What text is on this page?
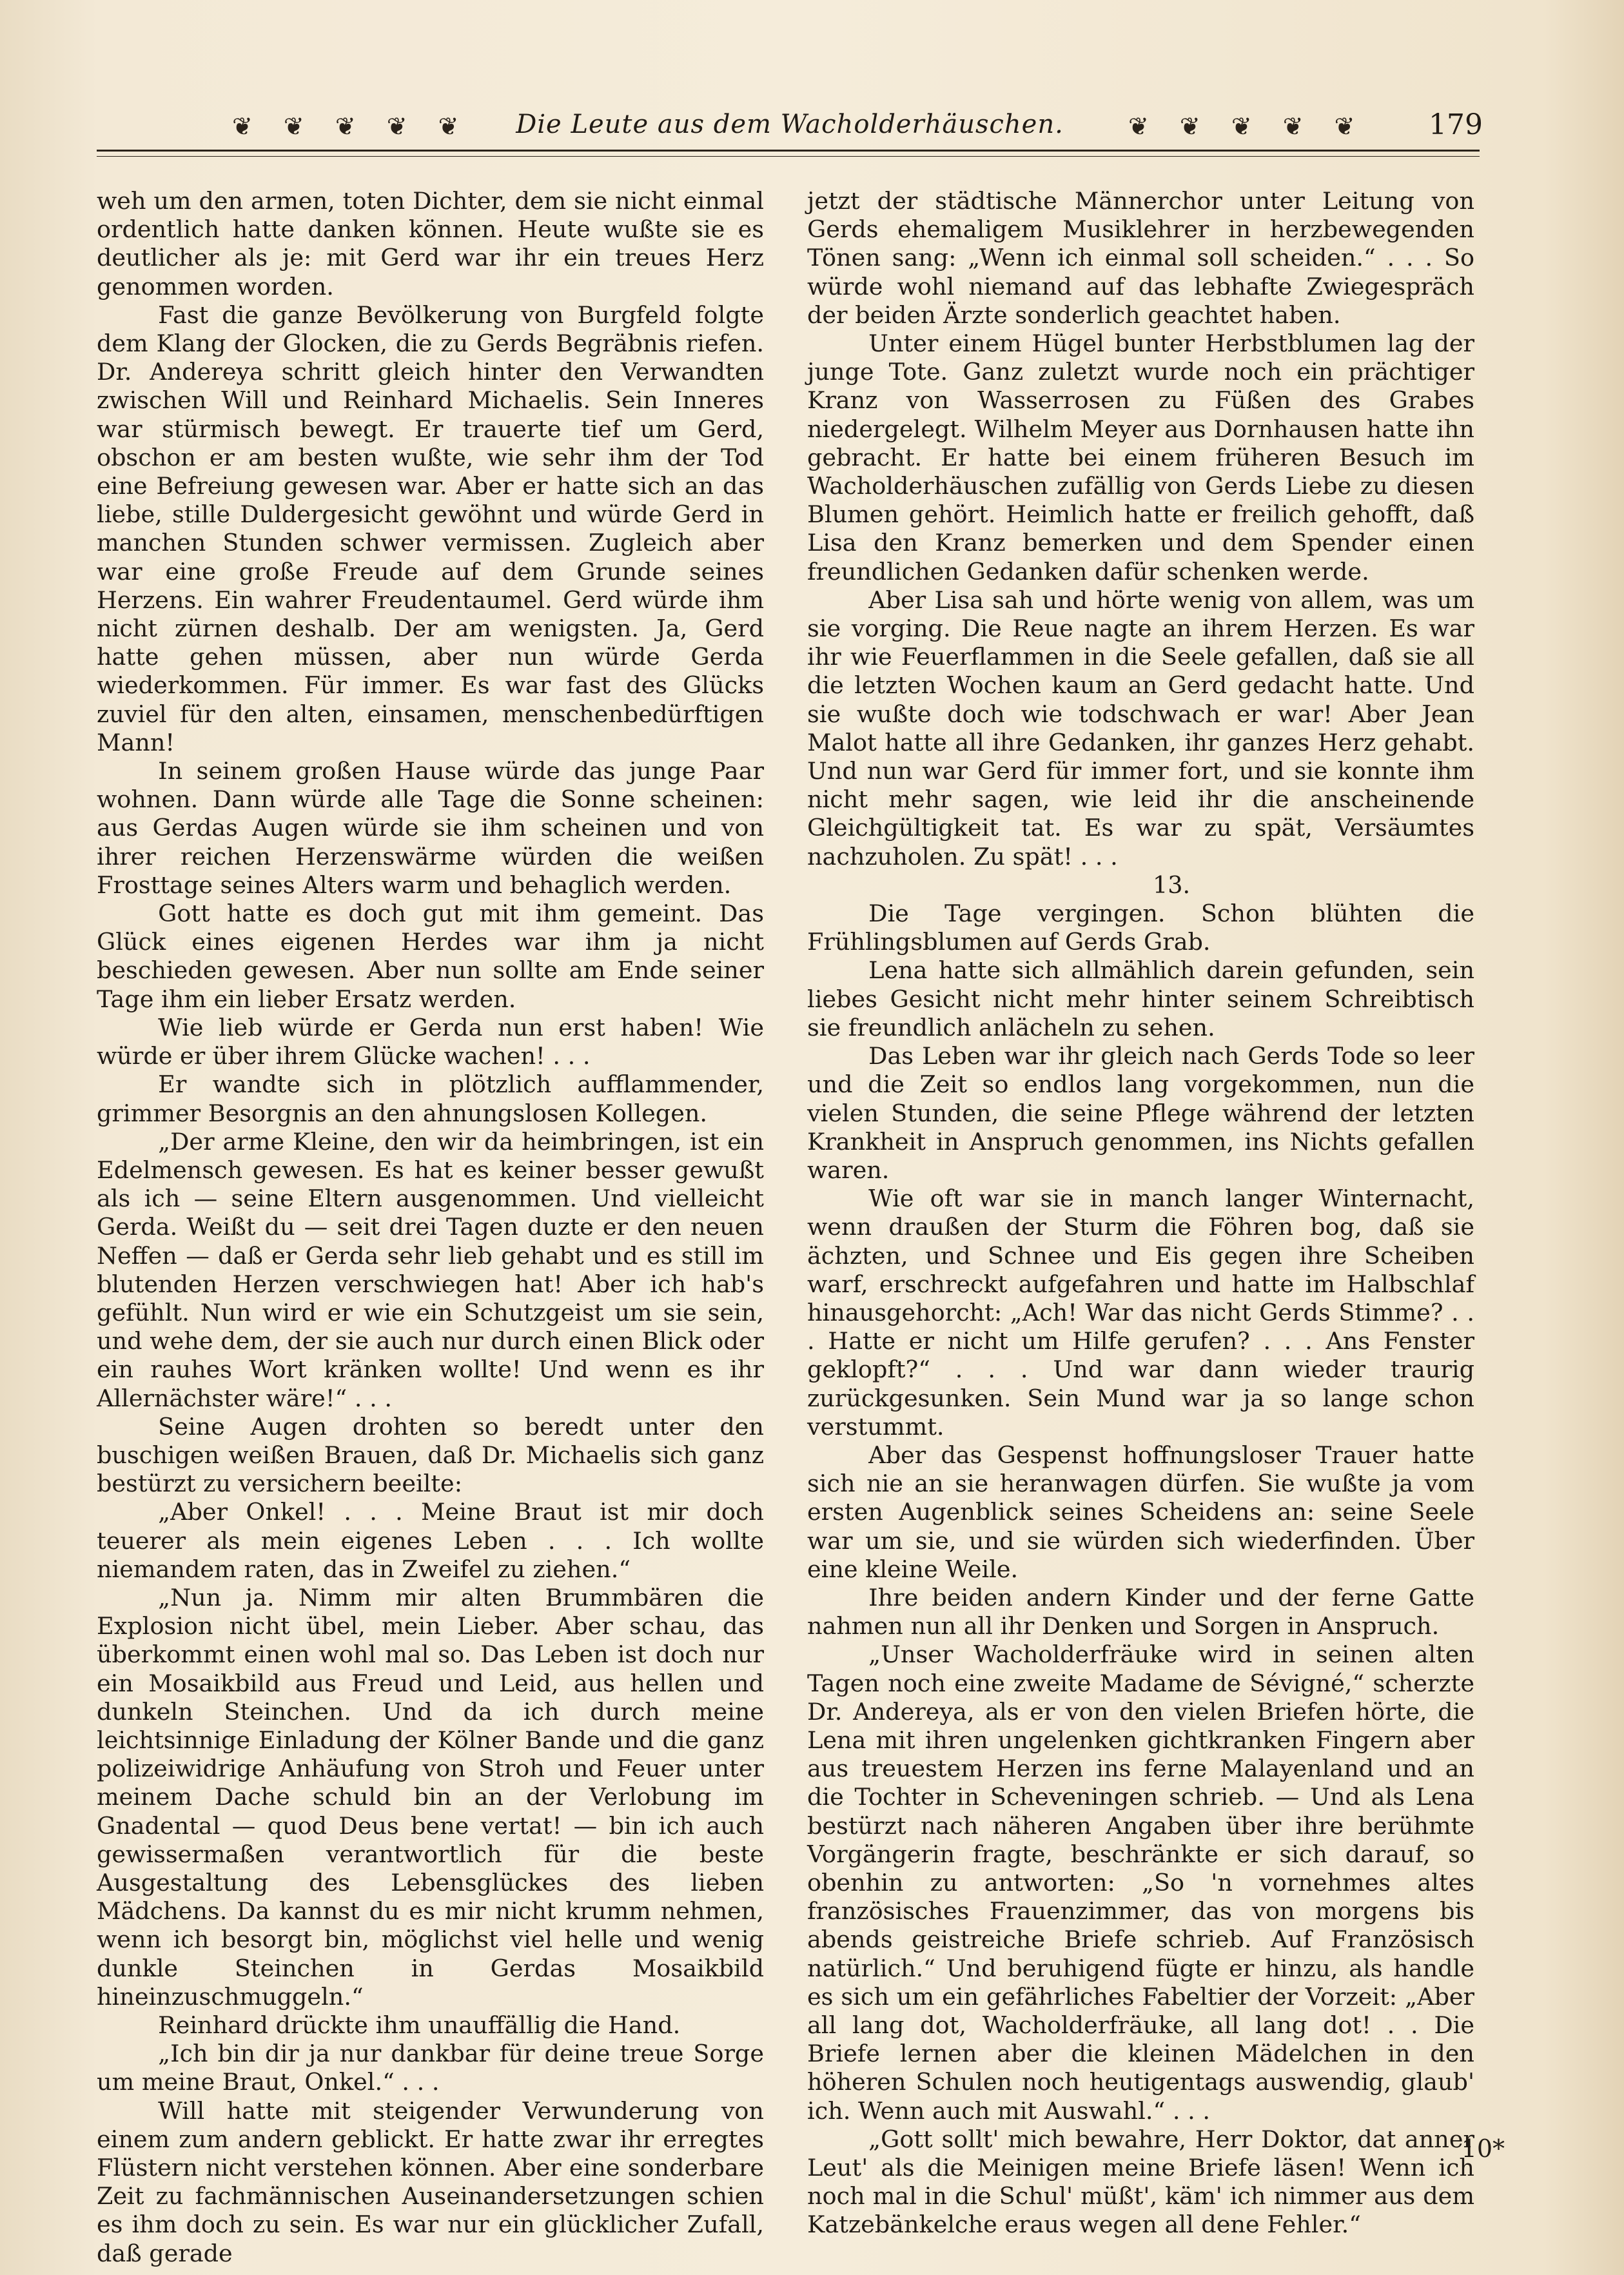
❦ ❦ ❦ ❦ ❦	Die Leute aus dem Wacholderhäuschen.	❦ ❦ ❦ ❦ ❦ 179

weh um den armen, toten Dichter, dem sie nicht einmal ordentlich hatte danken können. Heute wußte sie es deutlicher als je: mit Gerd war ihr ein treues Herz genommen worden.

Fast die ganze Bevölkerung von Burgfeld folgte dem Klang der Glocken, die zu Gerds Begräbnis riefen. Dr. Andereya schritt gleich hinter den Verwandten zwischen Will und Reinhard Michaelis. Sein Inneres war stürmisch bewegt. Er trauerte tief um Gerd, obschon er am besten wußte, wie sehr ihm der Tod eine Befreiung gewesen war. Aber er hatte sich an das liebe, stille Duldergesicht gewöhnt und würde Gerd in manchen Stunden schwer vermissen. Zugleich aber war eine große Freude auf dem Grunde seines Herzens. Ein wahrer Freudentaumel. Gerd würde ihm nicht zürnen deshalb. Der am wenigsten. Ja, Gerd hatte gehen müssen, aber nun würde Gerda wiederkommen. Für immer. Es war fast des Glücks zuviel für den alten, einsamen, menschenbedürftigen Mann!

In seinem großen Hause würde das junge Paar wohnen. Dann würde alle Tage die Sonne scheinen: aus Gerdas Augen würde sie ihm scheinen und von ihrer reichen Herzenswärme würden die weißen Frosttage seines Alters warm und behaglich werden.

Gott hatte es doch gut mit ihm gemeint. Das Glück eines eigenen Herdes war ihm ja nicht beschieden gewesen. Aber nun sollte am Ende seiner Tage ihm ein lieber Ersatz werden.

Wie lieb würde er Gerda nun erst haben! Wie würde er über ihrem Glücke wachen! . . .

Er wandte sich in plötzlich aufflammender, grimmer Besorgnis an den ahnungslosen Kollegen.

„Der arme Kleine, den wir da heimbringen, ist ein Edelmensch gewesen. Es hat es keiner besser gewußt als ich — seine Eltern ausgenommen. Und vielleicht Gerda. Weißt du — seit drei Tagen duzte er den neuen Neffen — daß er Gerda sehr lieb gehabt und es still im blutenden Herzen verschwiegen hat! Aber ich hab's gefühlt. Nun wird er wie ein Schutzgeist um sie sein, und wehe dem, der sie auch nur durch einen Blick oder ein rauhes Wort kränken wollte! Und wenn es ihr Allernächster wäre!“ . . .

Seine Augen drohten so beredt unter den buschigen weißen Brauen, daß Dr. Michaelis sich ganz bestürzt zu versichern beeilte:

„Aber Onkel! . . . Meine Braut ist mir doch teuerer als mein eigenes Leben . . . Ich wollte niemandem raten, das in Zweifel zu ziehen.“

„Nun ja. Nimm mir alten Brummbären die Explosion nicht übel, mein Lieber. Aber schau, das überkommt einen wohl mal so. Das Leben ist doch nur ein Mosaikbild aus Freud und Leid, aus hellen und dunkeln Steinchen. Und da ich durch meine leichtsinnige Einladung der Kölner Bande und die ganz polizeiwidrige Anhäufung von Stroh und Feuer unter meinem Dache schuld bin an der Verlobung im Gnadental — quod Deus bene vertat! — bin ich auch gewissermaßen verantwortlich für die beste Ausgestaltung des Lebensglückes des lieben Mädchens. Da kannst du es mir nicht krumm nehmen, wenn ich besorgt bin, möglichst viel helle und wenig dunkle Steinchen in Gerdas Mosaikbild hineinzuschmuggeln.“

Reinhard drückte ihm unauffällig die Hand.

„Ich bin dir ja nur dankbar für deine treue Sorge um meine Braut, Onkel.“ . . .

Will hatte mit steigender Verwunderung von einem zum andern geblickt. Er hatte zwar ihr erregtes Flüstern nicht verstehen können. Aber eine sonderbare Zeit zu fachmännischen Auseinandersetzungen schien es ihm doch zu sein. Es war nur ein glücklicher Zufall, daß gerade

jetzt der städtische Männerchor unter Leitung von Gerds ehemaligem Musiklehrer in herzbewegenden Tönen sang: „Wenn ich einmal soll scheiden.“ . . . So würde wohl niemand auf das lebhafte Zwiegespräch der beiden Ärzte sonderlich geachtet haben.

Unter einem Hügel bunter Herbstblumen lag der junge Tote. Ganz zuletzt wurde noch ein prächtiger Kranz von Wasserrosen zu Füßen des Grabes niedergelegt. Wilhelm Meyer aus Dornhausen hatte ihn gebracht. Er hatte bei einem früheren Besuch im Wacholderhäuschen zufällig von Gerds Liebe zu diesen Blumen gehört. Heimlich hatte er freilich gehofft, daß Lisa den Kranz bemerken und dem Spender einen freundlichen Gedanken dafür schenken werde.

Aber Lisa sah und hörte wenig von allem, was um sie vorging. Die Reue nagte an ihrem Herzen. Es war ihr wie Feuerflammen in die Seele gefallen, daß sie all die letzten Wochen kaum an Gerd gedacht hatte. Und sie wußte doch wie todschwach er war! Aber Jean Malot hatte all ihre Gedanken, ihr ganzes Herz gehabt. Und nun war Gerd für immer fort, und sie konnte ihm nicht mehr sagen, wie leid ihr die anscheinende Gleichgültigkeit tat. Es war zu spät, Versäumtes nachzuholen. Zu spät! . . .

13.

Die Tage vergingen. Schon blühten die Frühlingsblumen auf Gerds Grab.

Lena hatte sich allmählich darein gefunden, sein liebes Gesicht nicht mehr hinter seinem Schreibtisch sie freundlich anlächeln zu sehen.

Das Leben war ihr gleich nach Gerds Tode so leer und die Zeit so endlos lang vorgekommen, nun die vielen Stunden, die seine Pflege während der letzten Krankheit in Anspruch genommen, ins Nichts gefallen waren.

Wie oft war sie in manch langer Winternacht, wenn draußen der Sturm die Föhren bog, daß sie ächzten, und Schnee und Eis gegen ihre Scheiben warf, erschreckt aufgefahren und hatte im Halbschlaf hinausgehorcht: „Ach! War das nicht Gerds Stimme? . . . Hatte er nicht um Hilfe gerufen? . . . Ans Fenster geklopft?“ . . . Und war dann wieder traurig zurückgesunken. Sein Mund war ja so lange schon verstummt.

Aber das Gespenst hoffnungsloser Trauer hatte sich nie an sie heranwagen dürfen. Sie wußte ja vom ersten Augenblick seines Scheidens an: seine Seele war um sie, und sie würden sich wiederfinden. Über eine kleine Weile.

Ihre beiden andern Kinder und der ferne Gatte nahmen nun all ihr Denken und Sorgen in Anspruch.

„Unser Wacholderfräuke wird in seinen alten Tagen noch eine zweite Madame de Sévigné,“ scherzte Dr. Andereya, als er von den vielen Briefen hörte, die Lena mit ihren ungelenken gichtkranken Fingern aber aus treuestem Herzen ins ferne Malayenland und an die Tochter in Scheveningen schrieb. — Und als Lena bestürzt nach näheren Angaben über ihre berühmte Vorgängerin fragte, beschränkte er sich darauf, so obenhin zu antworten: „So 'n vornehmes altes französisches Frauenzimmer, das von morgens bis abends geistreiche Briefe schrieb. Auf Französisch natürlich.“ Und beruhigend fügte er hinzu, als handle es sich um ein gefährliches Fabeltier der Vorzeit: „Aber all lang dot, Wacholderfräuke, all lang dot! . . Die Briefe lernen aber die kleinen Mädelchen in den höheren Schulen noch heutigentags auswendig, glaub' ich. Wenn auch mit Auswahl.“ . . .

„Gott sollt' mich bewahre, Herr Doktor, dat anner Leut' als die Meinigen meine Briefe läsen! Wenn ich noch mal in die Schul' müßt', käm' ich nimmer aus dem Katzebänkelche eraus wegen all dene Fehler.“

10*
